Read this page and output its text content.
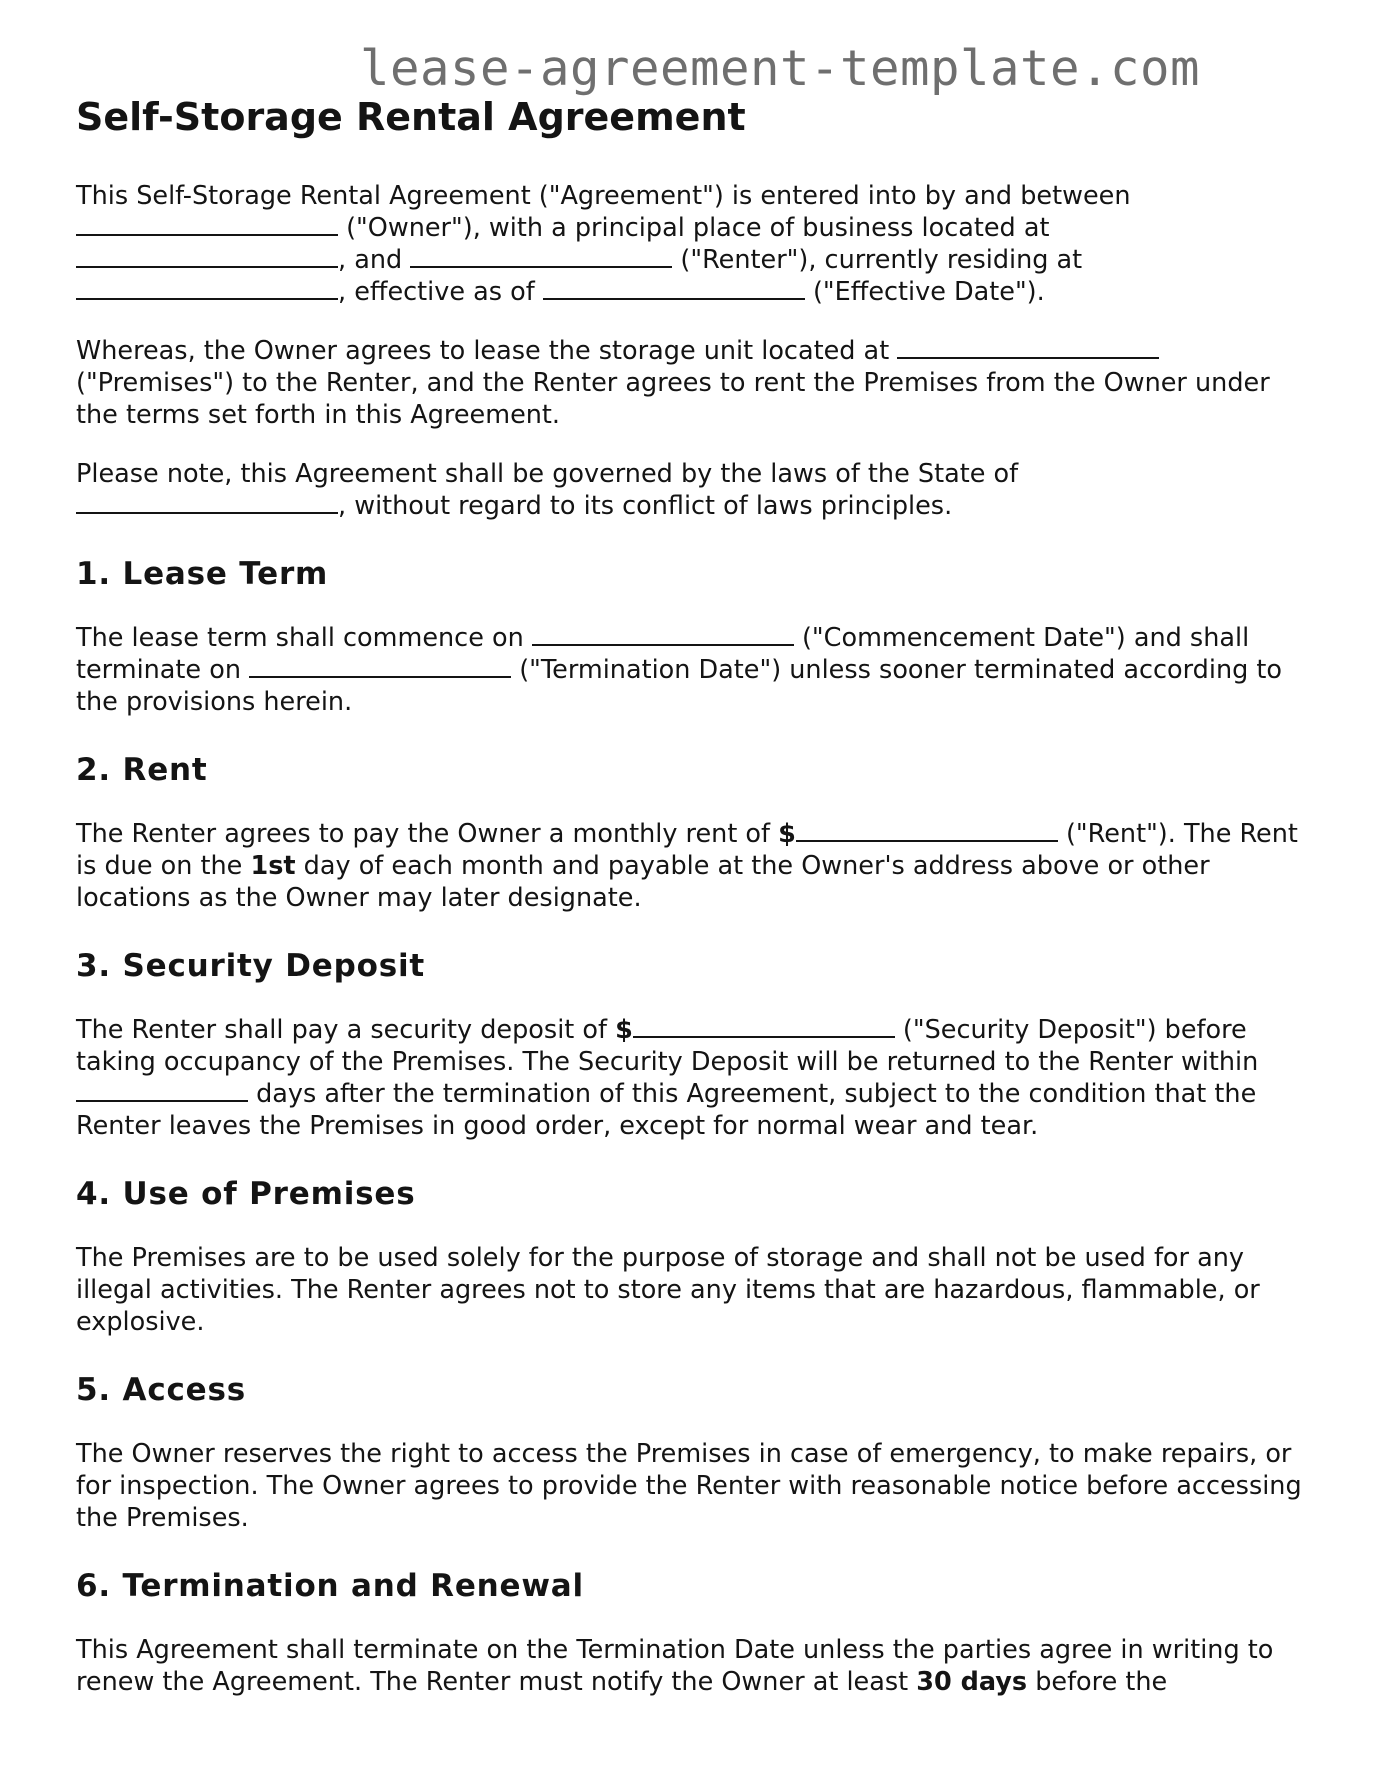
lease-agreement-template.com
Self-Storage Rental Agreement

This Self-Storage Rental Agreement ("Agreement") is entered into by and between
("Owner"), with a principal place of business located at
, and	("Renter"), currently residing at
, effective as of	("Effective Date").

Whereas, the Owner agrees to lease the storage unit located at
("Premises") to the Renter, and the Renter agrees to rent the Premises from the Owner under the terms set forth in this Agreement.

Please note, this Agreement shall be governed by the laws of the State of
, without regard to its conflict of laws principles.

1. Lease Term

The lease term shall commence on	("Commencement Date") and shall terminate on	("Termination Date") unless sooner terminated according to the provisions herein.

2. Rent

The Renter agrees to pay the Owner a monthly rent of $	("Rent"). The Rent is due on the 1st day of each month and payable at the Owner's address above or other locations as the Owner may later designate.

3. Security Deposit

The Renter shall pay a security deposit of $	("Security Deposit") before taking occupancy of the Premises. The Security Deposit will be returned to the Renter within  days after the termination of this Agreement, subject to the condition that the Renter leaves the Premises in good order, except for normal wear and tear.

4. Use of Premises

The Premises are to be used solely for the purpose of storage and shall not be used for any illegal activities. The Renter agrees not to store any items that are hazardous, flammable, or explosive.

5. Access

The Owner reserves the right to access the Premises in case of emergency, to make repairs, or for inspection. The Owner agrees to provide the Renter with reasonable notice before accessing the Premises.

6. Termination and Renewal

This Agreement shall terminate on the Termination Date unless the parties agree in writing to renew the Agreement. The Renter must notify the Owner at least 30 days before the
